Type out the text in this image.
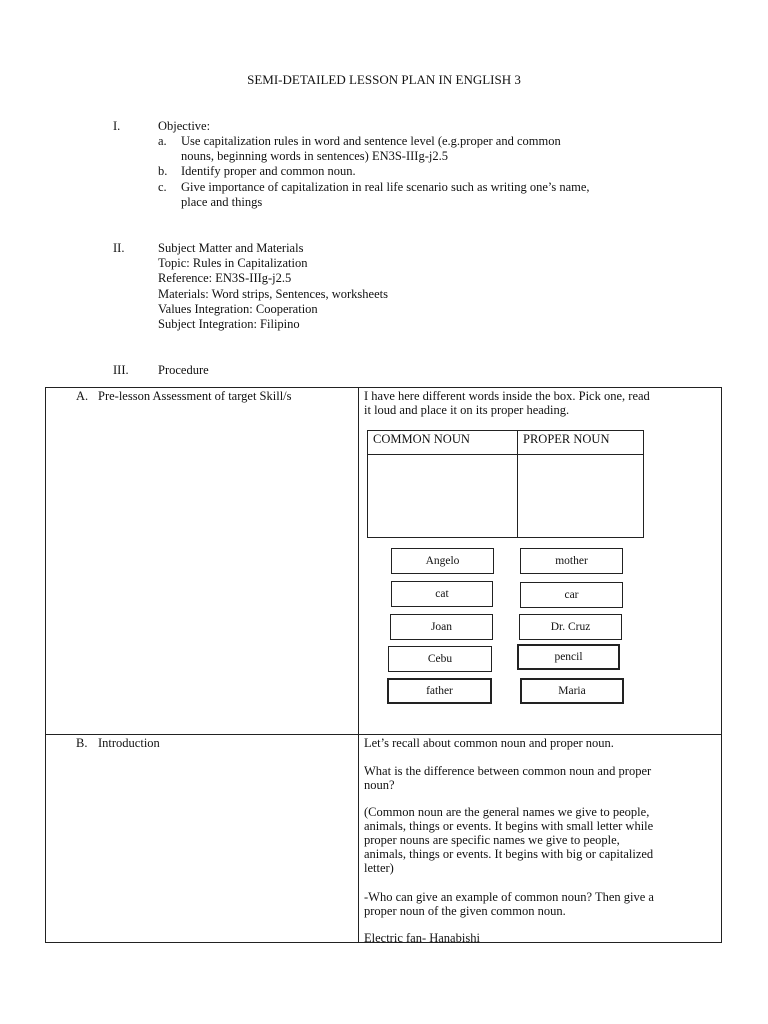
SEMI-DETAILED LESSON PLAN IN ENGLISH 3
I.	Objective:
a. Use capitalization rules in word and sentence level (e.g.proper and common
nouns, beginning words in sentences) EN3S-IIIg-j2.5
b. Identify proper and common noun.
c. Give importance of capitalization in real life scenario such as writing one’s name,
place and things
II.	Subject Matter and Materials
Topic: Rules in Capitalization
Reference: EN3S-IIIg-j2.5
Materials: Word strips, Sentences, worksheets
Values Integration: Cooperation
Subject Integration: Filipino
III. Procedure
A. Pre-lesson Assessment of target Skill/s	I have here different words inside the box. Pick one, read
it loud and place it on its proper heading.
COMMON NOUN	PROPER NOUN
Angelo	mother
cat	car
Joan	Dr. Cruz
Cebu	pencil
father	Maria
B. Introduction	Let’s recall about common noun and proper noun.
What is the difference between common noun and proper
noun?
(Common noun are the general names we give to people,
animals, things or events. It begins with small letter while
proper nouns are specific names we give to people,
animals, things or events. It begins with big or capitalized
letter)
-Who can give an example of common noun? Then give a
proper noun of the given common noun.
Electric fan- Hanabishi
